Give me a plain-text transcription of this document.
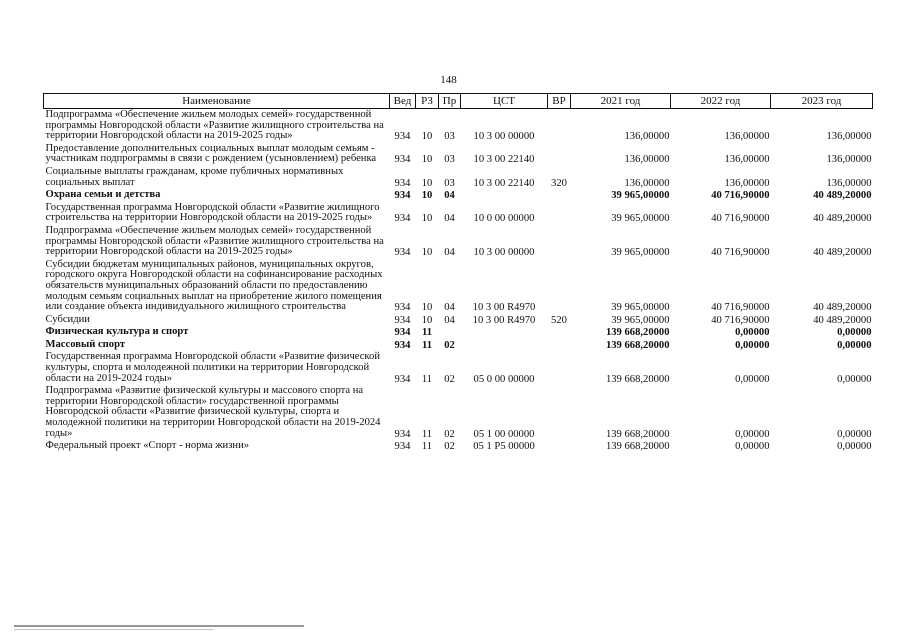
148
Наименование	Вед	РЗ	Пр	ЦСТ	ВР	2021 год	2022 год	2023 год
Подпрограмма «Обеспечение жильем молодых семей» государственной программы Новгородской области «Развитие жилищного строительства на территории Новгородской области на 2019-2025 годы»	934	10	03	10 3 00 00000		136,00000	136,00000	136,00000
Предоставление дополнительных социальных выплат молодым семьям - участникам подпрограммы в связи с рождением (усыновлением) ребенка	934	10	03	10 3 00 22140		136,00000	136,00000	136,00000
Социальные выплаты гражданам, кроме публичных нормативных социальных выплат	934	10	03	10 3 00 22140	320	136,00000	136,00000	136,00000
Охрана семьи и детства	934	10	04			39 965,00000	40 716,90000	40 489,20000
Государственная программа Новгородской области «Развитие жилищного строительства на территории Новгородской области на 2019-2025 годы»	934	10	04	10 0 00 00000		39 965,00000	40 716,90000	40 489,20000
Подпрограмма «Обеспечение жильем молодых семей» государственной программы Новгородской области «Развитие жилищного строительства на территории Новгородской области на 2019-2025 годы»	934	10	04	10 3 00 00000		39 965,00000	40 716,90000	40 489,20000
Субсидии бюджетам муниципальных районов, муниципальных округов, городского округа Новгородской области на софинансирование расходных обязательств муниципальных образований области по предоставлению молодым семьям социальных выплат на приобретение жилого помещения или создание объекта индивидуального жилищного строительства	934	10	04	10 3 00 R4970		39 965,00000	40 716,90000	40 489,20000
Субсидии	934	10	04	10 3 00 R4970	520	39 965,00000	40 716,90000	40 489,20000
Физическая культура и спорт	934	11				139 668,20000	0,00000	0,00000
Массовый спорт	934	11	02			139 668,20000	0,00000	0,00000
Государственная программа Новгородской области «Развитие физической культуры, спорта и молодежной политики на территории Новгородской области на 2019-2024 годы»	934	11	02	05 0 00 00000		139 668,20000	0,00000	0,00000
Подпрограмма «Развитие физической культуры и массового спорта на территории Новгородской области» государственной программы Новгородской области «Развитие физической культуры, спорта и молодежной политики на территории Новгородской области на 2019-2024 годы»	934	11	02	05 1 00 00000		139 668,20000	0,00000	0,00000
Федеральный проект «Спорт - норма жизни»	934	11	02	05 1 P5 00000		139 668,20000	0,00000	0,00000
